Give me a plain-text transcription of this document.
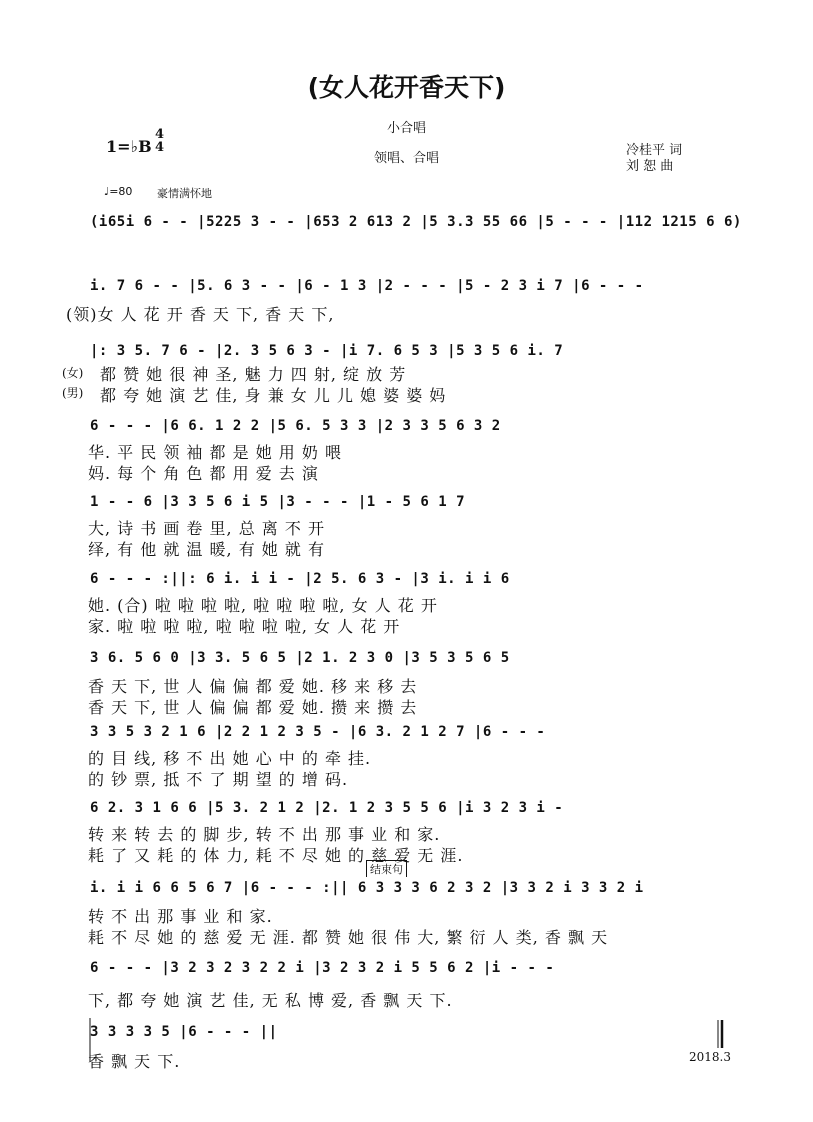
(女人花开香天下)
小合唱
1=♭B
4
4
领唱、合唱
冷桂平 词
刘 恕 曲
♩=80 豪情满怀地
(i65i 6 - - |5225 3 - - |653 2 613 2 |5 3.3 55 66 |5 - - - |112 1215 6 6)
i. 7 6 - - |5. 6 3 - - |6 - 1 3 |2 - - - |5 - 2 3 i 7 |6 - - -
(领)女 人 花 开 香 天 下, 香 天 下,
|: 3 5. 7 6 - |2. 3 5 6 3 - |i 7. 6 5 3 |5 3 5 6 i. 7
(女)
(男)
都 赞 她 很 神 圣, 魅 力 四 射, 绽 放 芳
都 夸 她 演 艺 佳, 身 兼 女 儿 儿 媳 婆 婆 妈
6 - - - |6 6. 1 2 2 |5 6. 5 3 3 |2 3 3 5 6 3 2
华. 平 民 领 袖 都 是 她 用 奶 喂
妈. 每 个 角 色 都 用 爱 去 演
1 - - 6 |3 3 5 6 i 5 |3 - - - |1 - 5 6 1 7
大, 诗 书 画 卷 里, 总 离 不 开
绎, 有 他 就 温 暖, 有 她 就 有
6 - - - :||: 6 i. i i - |2 5. 6 3 - |3 i. i i 6
她. (合) 啦 啦 啦 啦, 啦 啦 啦 啦, 女 人 花 开
家. 啦 啦 啦 啦, 啦 啦 啦 啦, 女 人 花 开
3 6. 5 6 0 |3 3. 5 6 5 |2 1. 2 3 0 |3 5 3 5 6 5
香 天 下, 世 人 偏 偏 都 爱 她. 移 来 移 去
香 天 下, 世 人 偏 偏 都 爱 她. 攒 来 攒 去
3 3 5 3 2 1 6 |2 2 1 2 3 5 - |6 3. 2 1 2 7 |6 - - -
的 目 线, 移 不 出 她 心 中 的 牵 挂.
的 钞 票, 抵 不 了 期 望 的 增 码.
6 2. 3 1 6 6 |5 3. 2 1 2 |2. 1 2 3 5 5 6 |i 3 2 3 i -
转 来 转 去 的 脚 步, 转 不 出 那 事 业 和 家.
耗 了 又 耗 的 体 力, 耗 不 尽 她 的 慈 爱 无 涯.
结束句
i. i i 6 6 5 6 7 |6 - - - :|| 6 3 3 3 6 2 3 2 |3 3 2 i 3 3 2 i
转 不 出 那 事 业 和 家.
耗 不 尽 她 的 慈 爱 无 涯. 都 赞 她 很 伟 大, 繁 衍 人 类, 香 飘 天
6 - - - |3 2 3 2 3 2 2 i |3 2 3 2 i 5 5 6 2 |i - - -
下, 都 夸 她 演 艺 佳, 无 私 博 爱, 香 飘 天 下.
3 3 3 3 5 |6 - - - ||
香 飘 天 下.	2018.3
